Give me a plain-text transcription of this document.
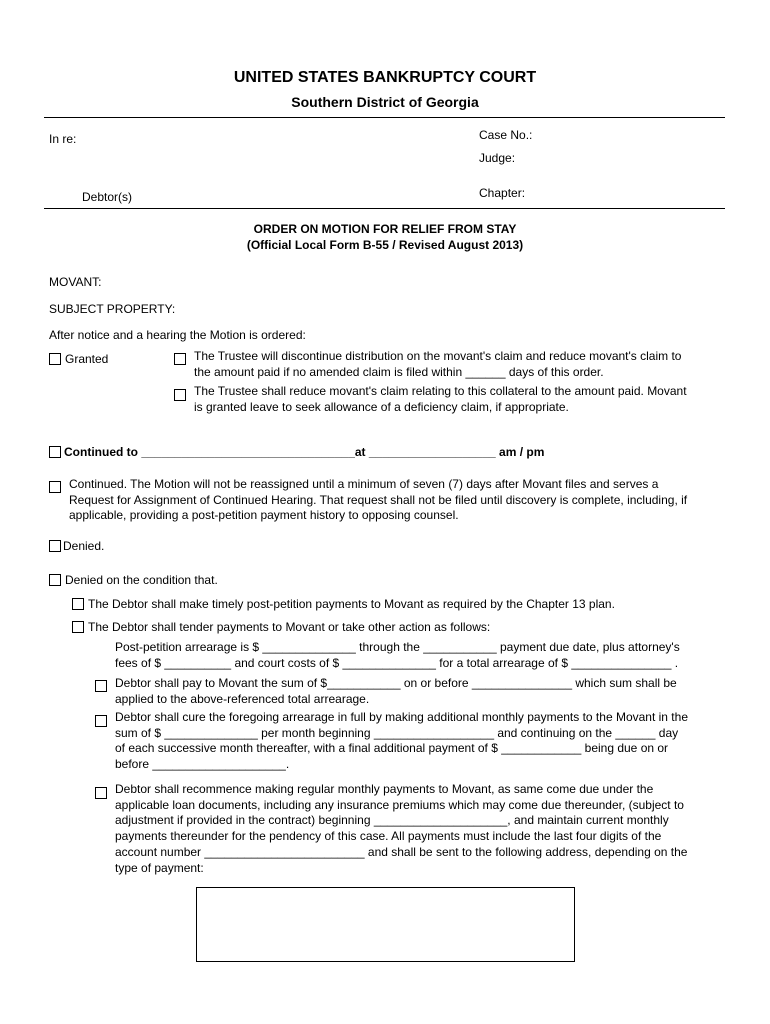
UNITED STATES BANKRUPTCY COURT
Southern District of Georgia
In re:	Case No.:
Judge:
Debtor(s)	Chapter:
ORDER ON MOTION FOR RELIEF FROM STAY
(Official Local Form B-55 / Revised August 2013)
MOVANT:
SUBJECT PROPERTY:
After notice and a hearing the Motion is ordered:
Granted	The Trustee will discontinue distribution on the movant's claim and reduce movant's claim to
the amount paid if no amended claim is filed within ______ days of this order.
The Trustee shall reduce movant's claim relating to this collateral to the amount paid. Movant
is granted leave to seek allowance of a deficiency claim, if appropriate.
Continued to ________________________________at ___________________ am / pm
Continued. The Motion will not be reassigned until a minimum of seven (7) days after Movant files and serves a
Request for Assignment of Continued Hearing. That request shall not be filed until discovery is complete, including, if
applicable, providing a post-petition payment history to opposing counsel.
Denied.
Denied on the condition that.
The Debtor shall make timely post-petition payments to Movant as required by the Chapter 13 plan.
The Debtor shall tender payments to Movant or take other action as follows:
Post-petition arrearage is $ ______________ through the ___________ payment due date, plus attorney's
fees of $ __________ and court costs of $ ______________ for a total arrearage of $ _______________ .
Debtor shall pay to Movant the sum of $___________ on or before _______________ which sum shall be
applied to the above-referenced total arrearage.
Debtor shall cure the foregoing arrearage in full by making additional monthly payments to the Movant in the
sum of $ ______________ per month beginning __________________ and continuing on the ______ day
of each successive month thereafter, with a final additional payment of $ ____________ being due on or
before ____________________.
Debtor shall recommence making regular monthly payments to Movant, as same come due under the
applicable loan documents, including any insurance premiums which may come due thereunder, (subject to
adjustment if provided in the contract) beginning ____________________, and maintain current monthly
payments thereunder for the pendency of this case. All payments must include the last four digits of the
account number ________________________ and shall be sent to the following address, depending on the
type of payment:
